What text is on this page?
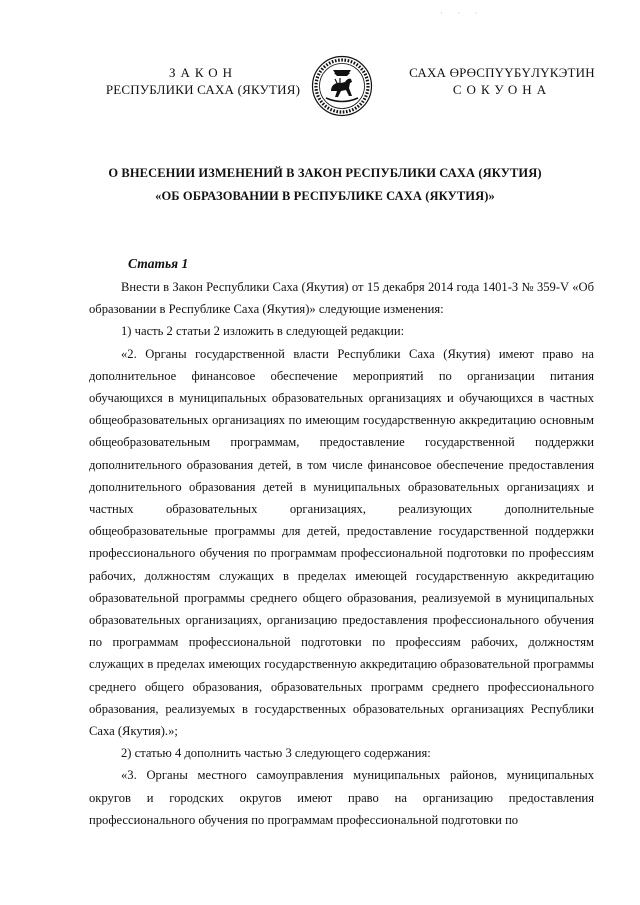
· · ·
ЗАКОН
РЕСПУБЛИКИ САХА (ЯКУТИЯ)
САХА ӨРӨСПҮҮБҮЛҮКЭТИН
СОКУОНА
О ВНЕСЕНИИ ИЗМЕНЕНИЙ В ЗАКОН РЕСПУБЛИКИ САХА (ЯКУТИЯ)
«ОБ ОБРАЗОВАНИИ В РЕСПУБЛИКЕ САХА (ЯКУТИЯ)»
Статья 1

Внести в Закон Республики Саха (Якутия) от 15 декабря 2014 года 1401-З № 359-V «Об образовании в Республике Саха (Якутия)» следующие изменения:

1) часть 2 статьи 2 изложить в следующей редакции:

«2. Органы государственной власти Республики Саха (Якутия) имеют право на дополнительное финансовое обеспечение мероприятий по организации питания обучающихся в муниципальных образовательных организациях и обучающихся в частных общеобразовательных организациях по имеющим государственную аккредитацию основным общеобразовательным программам, предоставление государственной поддержки дополнительного образования детей, в том числе финансовое обеспечение предоставления дополнительного образования детей в муниципальных образовательных организациях и частных образовательных организациях, реализующих дополнительные общеобразовательные программы для детей, предоставление государственной поддержки профессионального обучения по программам профессиональной подготовки по профессиям рабочих, должностям служащих в пределах имеющей государственную аккредитацию образовательной программы среднего общего образования, реализуемой в муниципальных образовательных организациях, организацию предоставления профессионального обучения по программам профессиональной подготовки по профессиям рабочих, должностям служащих в пределах имеющих государственную аккредитацию образовательной программы среднего общего образования, образовательных программ среднего профессионального образования, реализуемых в государственных образовательных организациях Республики Саха (Якутия).»;

2) статью 4 дополнить частью 3 следующего содержания:

«3. Органы местного самоуправления муниципальных районов, муниципальных округов и городских округов имеют право на организацию предоставления профессионального обучения по программам профессиональной подготовки по
